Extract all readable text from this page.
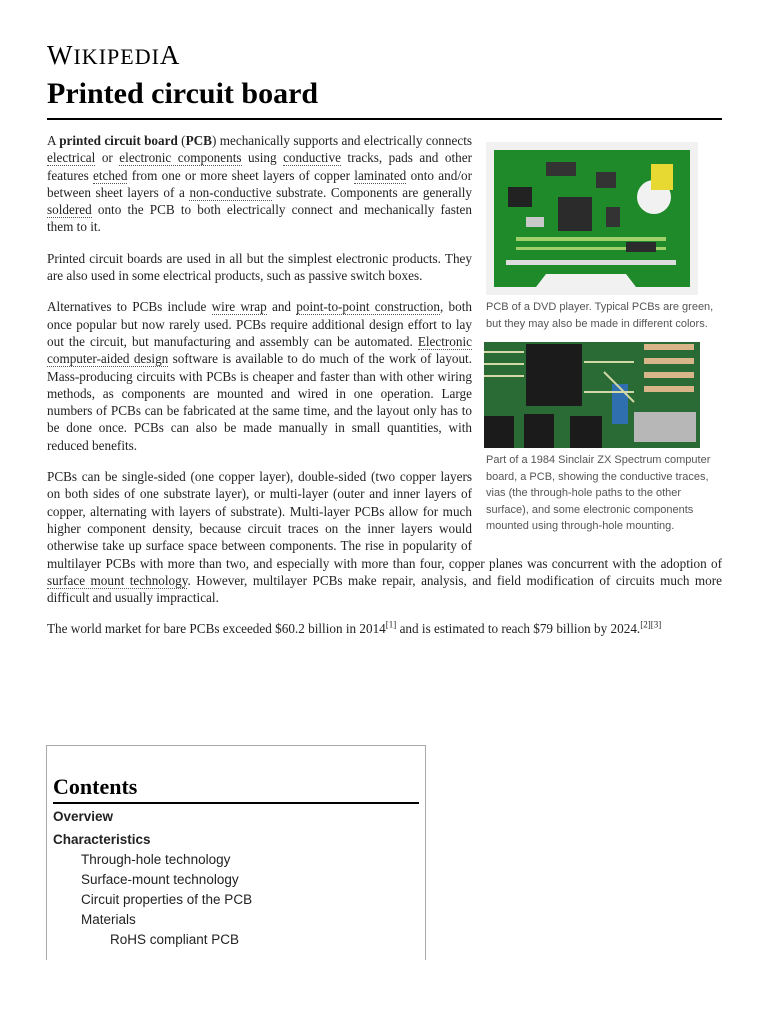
WIKIPEDIA
Printed circuit board
PCB of a DVD player. Typical PCBs are green, but they may also be made in different colors.
Part of a 1984 Sinclair ZX Spectrum computer board, a PCB, showing the conductive traces, vias (the through-hole paths to the other surface), and some electronic components mounted using through-hole mounting.

A printed circuit board (PCB) mechanically supports and electrically connects electrical or electronic components using conductive tracks, pads and other features etched from one or more sheet layers of copper laminated onto and/or between sheet layers of a non-conductive substrate. Components are generally soldered onto the PCB to both electrically connect and mechanically fasten them to it.

Printed circuit boards are used in all but the simplest electronic products. They are also used in some electrical products, such as passive switch boxes.

Alternatives to PCBs include wire wrap and point-to-point construction, both once popular but now rarely used. PCBs require additional design effort to lay out the circuit, but manufacturing and assembly can be automated. Electronic computer-aided design software is available to do much of the work of layout. Mass-producing circuits with PCBs is cheaper and faster than with other wiring methods, as components are mounted and wired in one operation. Large numbers of PCBs can be fabricated at the same time, and the layout only has to be done once. PCBs can also be made manually in small quantities, with reduced benefits.

PCBs can be single-sided (one copper layer), double-sided (two copper layers on both sides of one substrate layer), or multi-layer (outer and inner layers of copper, alternating with layers of substrate). Multi-layer PCBs allow for much higher component density, because circuit traces on the inner layers would otherwise take up surface space between components. The rise in popularity of multilayer PCBs with more than two, and especially with more than four, copper planes was concurrent with the adoption of surface mount technology. However, multilayer PCBs make repair, analysis, and field modification of circuits much more difficult and usually impractical.

The world market for bare PCBs exceeded $60.2 billion in 2014[1] and is estimated to reach $79 billion by 2024.[2][3]

Contents
Overview
Characteristics
Through-hole technology
Surface-mount technology
Circuit properties of the PCB
Materials
RoHS compliant PCB
